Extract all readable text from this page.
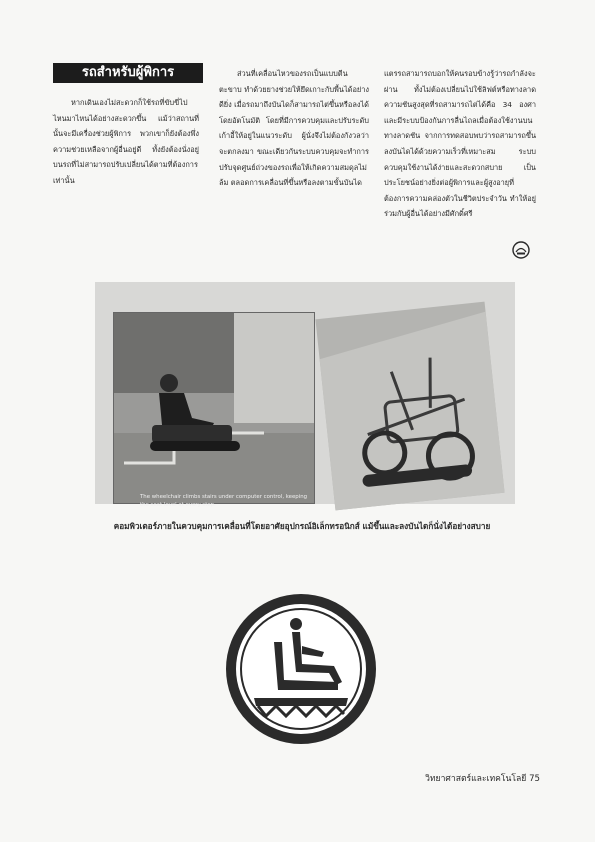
รถสำหรับผู้พิการ
หากเดินเองไม่สะดวกก็ใช้รถที่ขับขี่ไปไหนมาไหนได้อย่างสะดวกขึ้น แม้ว่าสถานที่นั้นจะมีเครื่องช่วยผู้พิการ พวกเขาก็ยังต้องพึ่งความช่วยเหลือจากผู้อื่นอยู่ดี ทั้งยังต้องนั่งอยู่บนรถที่ไม่สามารถปรับเปลี่ยนได้ตามที่ต้องการเท่านั้น
ส่วนที่เคลื่อนไหวของรถเป็นแบบตีนตะขาบ ทำด้วยยางช่วยให้ยึดเกาะกับพื้นได้อย่างดียิ่ง เมื่อรถมาถึงบันไดก็สามารถไต่ขึ้นหรือลงได้โดยอัตโนมัติ โดยที่มีการควบคุมและปรับระดับเก้าอี้ให้อยู่ในแนวระดับ ผู้นั่งจึงไม่ต้องกังวลว่าจะตกลงมา ขณะเดียวกันระบบควบคุมจะทำการปรับจุดศูนย์ถ่วงของรถเพื่อให้เกิดความสมดุลไม่ล้ม ตลอดการเคลื่อนที่ขึ้นหรือลงตามขั้นบันได
แตรรถสามารถบอกให้คนรอบข้างรู้ว่ารถกำลังจะผ่าน ทั้งไม่ต้องเปลี่ยนไปใช้ลิฟต์หรือทางลาด ความชันสูงสุดที่รถสามารถไต่ได้คือ 34 องศา และมีระบบป้องกันการลื่นไถลเมื่อต้องใช้งานบนทางลาดชัน จากการทดสอบพบว่ารถสามารถขึ้นลงบันไดได้ด้วยความเร็วที่เหมาะสม ระบบควบคุมใช้งานได้ง่ายและสะดวกสบาย เป็นประโยชน์อย่างยิ่งต่อผู้พิการและผู้สูงอายุที่ต้องการความคล่องตัวในชีวิตประจำวัน ทำให้อยู่ร่วมกับผู้อื่นได้อย่างมีศักดิ์ศรี
The wheelchair climbs stairs under computer control, keeping the seat level at every step.
คอมพิวเตอร์ภายในควบคุมการเคลื่อนที่โดยอาศัยอุปกรณ์อิเล็กทรอนิกส์ แม้ขึ้นและลงบันไดก็นั่งได้อย่างสบาย
วิทยาศาสตร์และเทคโนโลยี 75
